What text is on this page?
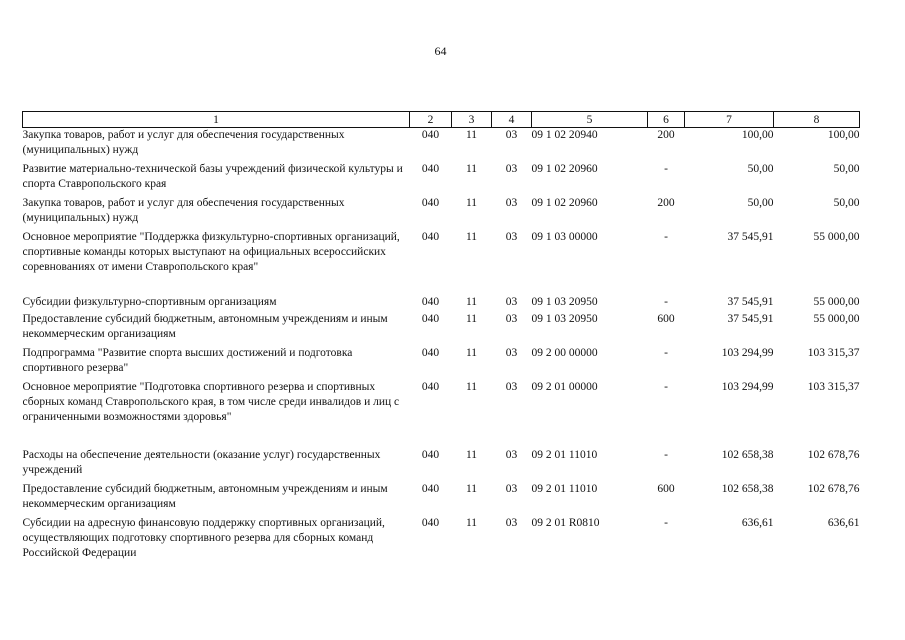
64
1	2	3	4	5	6	7	8
Закупка товаров, работ и услуг для обеспечения государственных (муниципальных) нужд	040	11	03	09 1 02 20940	200	100,00	100,00
Развитие материально-технической базы учреждений физической культуры и спорта Ставропольского края	040	11	03	09 1 02 20960	-	50,00	50,00
Закупка товаров, работ и услуг для обеспечения государственных (муниципальных) нужд	040	11	03	09 1 02 20960	200	50,00	50,00
Основное мероприятие "Поддержка физкультурно-спортивных организаций, спортивные команды которых выступают на официальных всероссийских соревнованиях от имени Ставропольского края"	040	11	03	09 1 03 00000	-	37 545,91	55 000,00
Субсидии физкультурно-спортивным организациям	040	11	03	09 1 03 20950	-	37 545,91	55 000,00
Предоставление субсидий бюджетным, автономным учреждениям и иным некоммерческим организациям	040	11	03	09 1 03 20950	600	37 545,91	55 000,00
Подпрограмма "Развитие спорта высших достижений и подготовка спортивного резерва"	040	11	03	09 2 00 00000	-	103 294,99	103 315,37
Основное мероприятие "Подготовка спортивного резерва и спортивных сборных команд Ставропольского края, в том числе среди инвалидов и лиц с ограниченными возможностями здоровья"	040	11	03	09 2 01 00000	-	103 294,99	103 315,37
Расходы на обеспечение деятельности (оказание услуг) государственных учреждений	040	11	03	09 2 01 11010	-	102 658,38	102 678,76
Предоставление субсидий бюджетным, автономным учреждениям и иным некоммерческим организациям	040	11	03	09 2 01 11010	600	102 658,38	102 678,76
Субсидии на адресную финансовую поддержку спортивных организаций, осуществляющих подготовку спортивного резерва для сборных команд Российской Федерации	040	11	03	09 2 01 R0810	-	636,61	636,61
